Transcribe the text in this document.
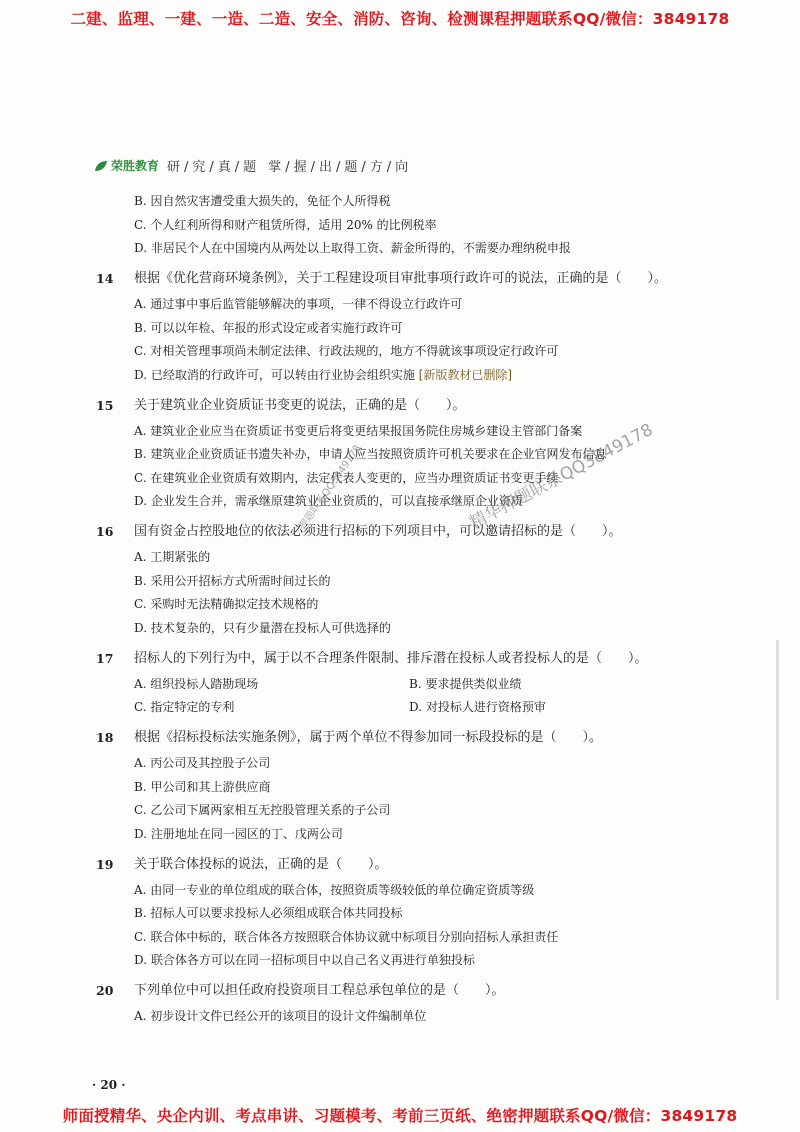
二建、监理、一建、一造、二造、安全、消防、咨询、检测课程押题联系QQ/微信：3849178
荣胜教育 研/究/真/题 掌/握/出/题/方/向
B. 因自然灾害遭受重大损失的，免征个人所得税
C. 个人红利所得和财产租赁所得，适用 20% 的比例税率
D. 非居民个人在中国境内从两处以上取得工资、薪金所得的，不需要办理纳税申报
14	根据《优化营商环境条例》，关于工程建设项目审批事项行政许可的说法，正确的是（　　）。
A. 通过事中事后监管能够解决的事项，一律不得设立行政许可
B. 可以以年检、年报的形式设定或者实施行政许可
C. 对相关管理事项尚未制定法律、行政法规的，地方不得就该事项设定行政许可
D. 已经取消的行政许可，可以转由行业协会组织实施 [新版教材已删除]
15	关于建筑业企业资质证书变更的说法，正确的是（　　）。
A. 建筑业企业应当在资质证书变更后将变更结果报国务院住房城乡建设主管部门备案
B. 建筑业企业资质证书遗失补办，申请人应当按照资质许可机关要求在企业官网发布信息
C. 在建筑业企业资质有效期内，法定代表人变更的，应当办理资质证书变更手续
D. 企业发生合并，需承继原建筑业企业资质的，可以直接承继原企业资质
16	国有资金占控股地位的依法必须进行招标的下列项目中，可以邀请招标的是（　　）。
A. 工期紧张的
B. 采用公开招标方式所需时间过长的
C. 采购时无法精确拟定技术规格的
D. 技术复杂的，只有少量潜在投标人可供选择的
17	招标人的下列行为中，属于以不合理条件限制、排斥潜在投标人或者投标人的是（　　）。
A. 组织投标人踏勘现场	B. 要求提供类似业绩
C. 指定特定的专利	D. 对投标人进行资格预审
18	根据《招标投标法实施条例》，属于两个单位不得参加同一标段投标的是（　　）。
A. 丙公司及其控股子公司
B. 甲公司和其上游供应商
C. 乙公司下属两家相互无控股管理关系的子公司
D. 注册地址在同一园区的丁、戊两公司
19	关于联合体投标的说法，正确的是（　　）。
A. 由同一专业的单位组成的联合体，按照资质等级较低的单位确定资质等级
B. 招标人可以要求投标人必须组成联合体共同投标
C. 联合体中标的，联合体各方按照联合体协议就中标项目分别向招标人承担责任
D. 联合体各方可以在同一招标项目中以自己名义再进行单独投标
20	下列单位中可以担任政府投资项目工程总承包单位的是（　　）。
A. 初步设计文件已经公开的该项目的设计文件编制单位
精华押题联系QQ3849178
押题联系QQ3849178
· 20 ·
师面授精华、央企内训、考点串讲、习题模考、考前三页纸、绝密押题联系QQ/微信：3849178
